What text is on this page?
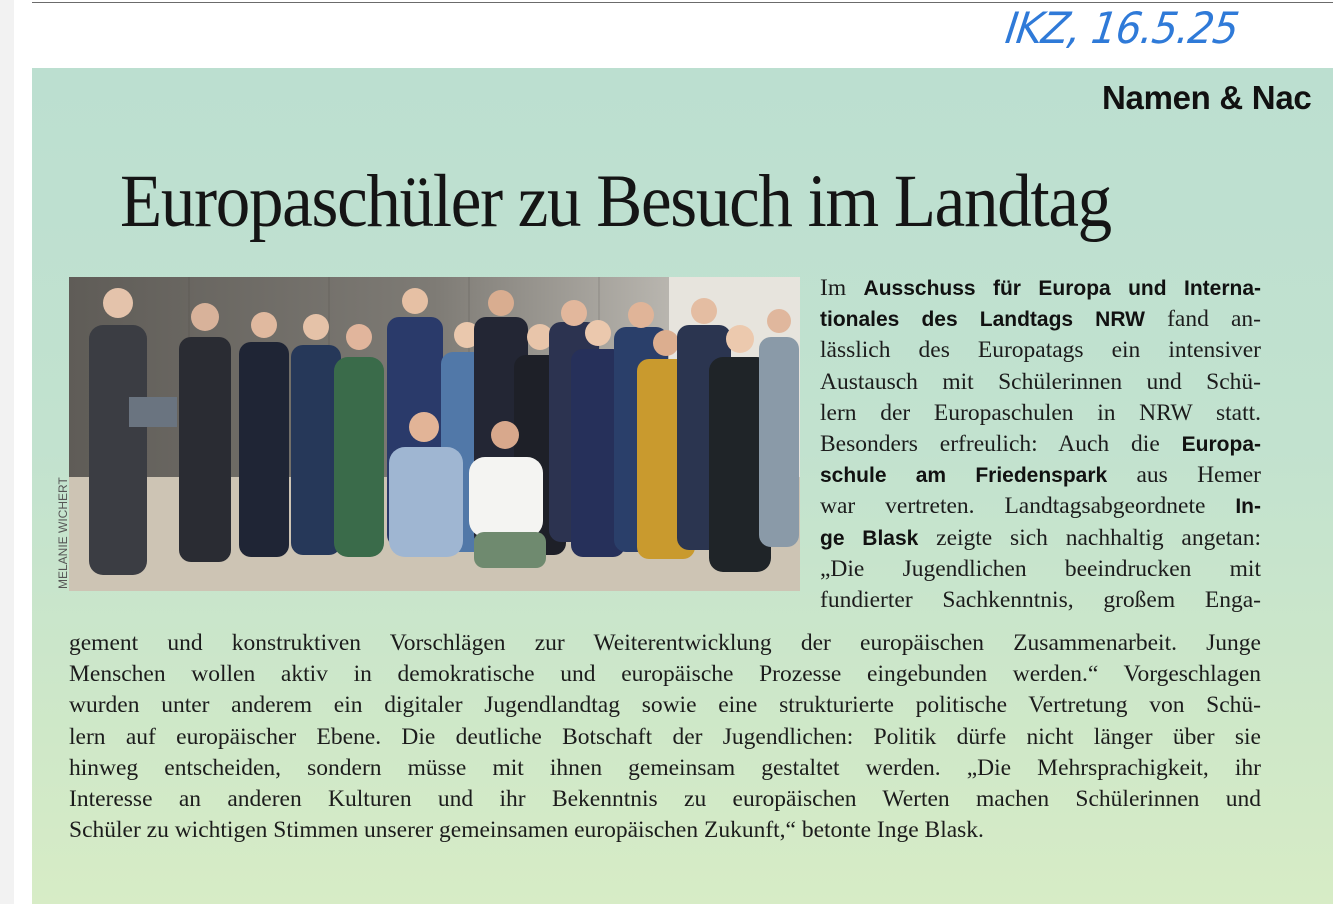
IKZ, 16.5.25
Namen & Nac
Europaschüler zu Besuch im Landtag
MELANIE WICHERT
Im Ausschuss für Europa und Interna-
tionales des Landtags NRW fand an-
lässlich des Europatags ein intensiver
Austausch mit Schülerinnen und Schü-
lern der Europaschulen in NRW statt.
Besonders erfreulich: Auch die Europa-
schule am Friedenspark aus Hemer
war vertreten. Landtagsabgeordnete In-
ge Blask zeigte sich nachhaltig angetan:
„Die Jugendlichen beeindrucken mit
fundierter Sachkenntnis, großem Enga-
gement und konstruktiven Vorschlägen zur Weiterentwicklung der europäischen Zusammenarbeit. Junge
Menschen wollen aktiv in demokratische und europäische Prozesse eingebunden werden.“ Vorgeschlagen
wurden unter anderem ein digitaler Jugendlandtag sowie eine strukturierte politische Vertretung von Schü-
lern auf europäischer Ebene. Die deutliche Botschaft der Jugendlichen: Politik dürfe nicht länger über sie
hinweg entscheiden, sondern müsse mit ihnen gemeinsam gestaltet werden. „Die Mehrsprachigkeit, ihr
Interesse an anderen Kulturen und ihr Bekenntnis zu europäischen Werten machen Schülerinnen und
Schüler zu wichtigen Stimmen unserer gemeinsamen europäischen Zukunft,“ betonte Inge Blask.
